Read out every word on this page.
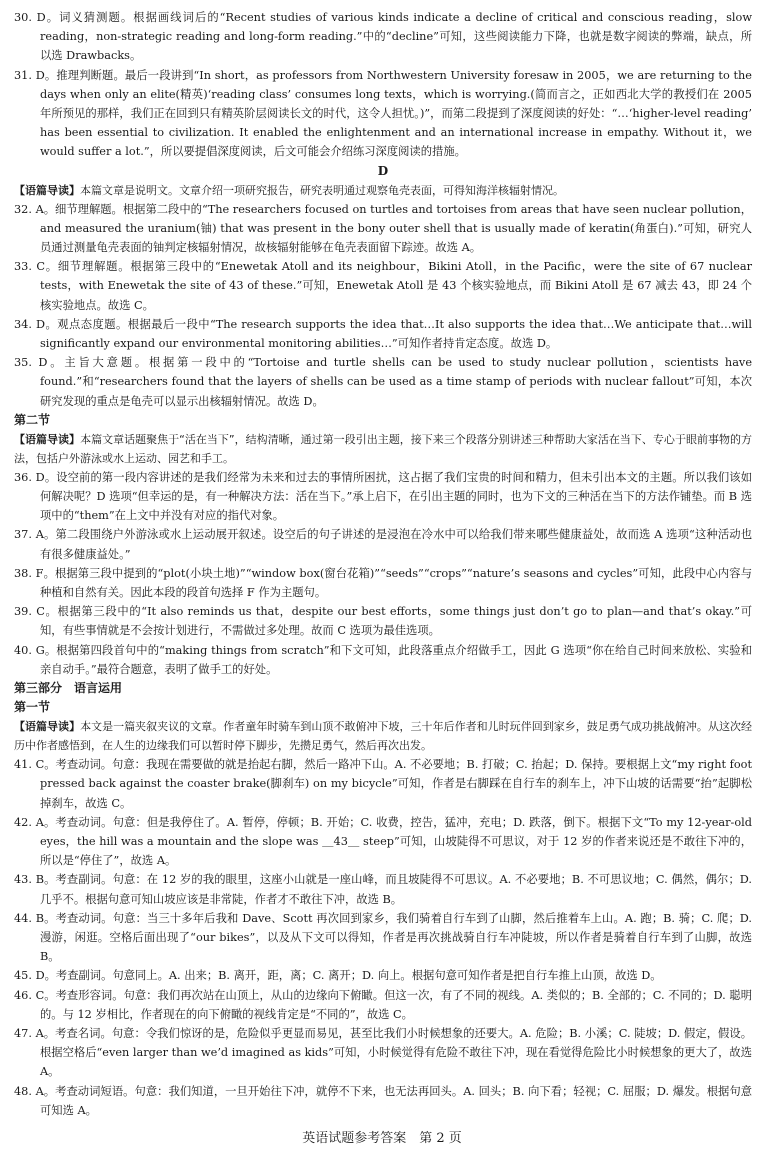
30. D。词义猜测题。根据画线词后的“Recent studies of various kinds indicate a decline of critical and conscious reading，slow reading，non-strategic reading and long-form reading.”中的“decline”可知，这些阅读能力下降，也就是数字阅读的弊端，缺点，所以选 Drawbacks。

31. D。推理判断题。最后一段讲到“In short，as professors from Northwestern University foresaw in 2005，we are returning to the days when only an elite(精英)‘reading class’ consumes long texts，which is worrying.(简而言之，正如西北大学的教授们在 2005 年所预见的那样，我们正在回到只有精英阶层阅读长文的时代，这令人担忧。)”，而第二段提到了深度阅读的好处：“…‘higher-level reading’ has been essential to civilization. It enabled the enlightenment and an international increase in empathy. Without it，we would suffer a lot.”，所以要提倡深度阅读，后文可能会介绍练习深度阅读的措施。

D

【语篇导读】本篇文章是说明文。文章介绍一项研究报告，研究表明通过观察龟壳表面，可得知海洋核辐射情况。

32. A。细节理解题。根据第二段中的“The researchers focused on turtles and tortoises from areas that have seen nuclear pollution，and measured the uranium(铀) that was present in the bony outer shell that is usually made of keratin(角蛋白).”可知，研究人员通过测量龟壳表面的铀判定核辐射情况，故核辐射能够在龟壳表面留下踪迹。故选 A。

33. C。细节理解题。根据第三段中的“Enewetak Atoll and its neighbour，Bikini Atoll，in the Pacific，were the site of 67 nuclear tests，with Enewetak the site of 43 of these.”可知，Enewetak Atoll 是 43 个核实验地点，而 Bikini Atoll 是 67 减去 43，即 24 个核实验地点。故选 C。

34. D。观点态度题。根据最后一段中“The research supports the idea that…It also supports the idea that…We anticipate that…will significantly expand our environmental monitoring abilities…”可知作者持肯定态度。故选 D。

35. D。主旨大意题。根据第一段中的“Tortoise and turtle shells can be used to study nuclear pollution，scientists have found.”和“researchers found that the layers of shells can be used as a time stamp of periods with nuclear fallout”可知，本次研究发现的重点是龟壳可以显示出核辐射情况。故选 D。

第二节

【语篇导读】本篇文章话题聚焦于“活在当下”，结构清晰，通过第一段引出主题，接下来三个段落分别讲述三种帮助大家活在当下、专心于眼前事物的方法，包括户外游泳或水上运动、园艺和手工。

36. D。设空前的第一段内容讲述的是我们经常为未来和过去的事情所困扰，这占据了我们宝贵的时间和精力，但未引出本文的主题。所以我们该如何解决呢？D 选项“但幸运的是，有一种解决方法：活在当下。”承上启下，在引出主题的同时，也为下文的三种活在当下的方法作铺垫。而 B 选项中的“them”在上文中并没有对应的指代对象。

37. A。第二段围绕户外游泳或水上运动展开叙述。设空后的句子讲述的是浸泡在冷水中可以给我们带来哪些健康益处，故而选 A 选项“这种活动也有很多健康益处。”

38. F。根据第三段中提到的“plot(小块土地)”“window box(窗台花箱)”“seeds”“crops”“nature’s seasons and cycles”可知，此段中心内容与种植和自然有关。因此本段的段首句选择 F 作为主题句。

39. C。根据第三段中的“It also reminds us that，despite our best efforts，some things just don’t go to plan—and that’s okay.”可知，有些事情就是不会按计划进行，不需做过多处理。故而 C 选项为最佳选项。

40. G。根据第四段首句中的“making things from scratch”和下文可知，此段落重点介绍做手工，因此 G 选项“你在给自己时间来放松、实验和亲自动手。”最符合题意，表明了做手工的好处。

第三部分　语言运用

第一节

【语篇导读】本文是一篇夹叙夹议的文章。作者童年时骑车到山顶不敢俯冲下坡，三十年后作者和儿时玩伴回到家乡，鼓足勇气成功挑战俯冲。从这次经历中作者感悟到，在人生的边缘我们可以暂时停下脚步，先攒足勇气，然后再次出发。

41. C。考查动词。句意：我现在需要做的就是抬起右脚，然后一路冲下山。A. 不必要地；B. 打破；C. 抬起；D. 保持。要根据上文“my right foot pressed back against the coaster brake(脚刹车) on my bicycle”可知，作者是右脚踩在自行车的刹车上，冲下山坡的话需要“抬”起脚松掉刹车，故选 C。

42. A。考查动词。句意：但是我停住了。A. 暂停，停顿；B. 开始；C. 收费，控告，猛冲，充电；D. 跌落，倒下。根据下文“To my 12-year-old eyes，the hill was a mountain and the slope was ＿43＿ steep”可知，山坡陡得不可思议，对于 12 岁的作者来说还是不敢往下冲的，所以是“停住了”，故选 A。

43. B。考查副词。句意：在 12 岁的我的眼里，这座小山就是一座山峰，而且坡陡得不可思议。A. 不必要地；B. 不可思议地；C. 偶然，偶尔；D. 几乎不。根据句意可知山坡应该是非常陡，作者才不敢往下冲，故选 B。

44. B。考查动词。句意：当三十多年后我和 Dave、Scott 再次回到家乡，我们骑着自行车到了山脚，然后推着车上山。A. 跑；B. 骑；C. 爬；D. 漫游，闲逛。空格后面出现了“our bikes”，以及从下文可以得知，作者是再次挑战骑自行车冲陡坡，所以作者是骑着自行车到了山脚，故选 B。

45. D。考查副词。句意同上。A. 出来；B. 离开，距，离；C. 离开；D. 向上。根据句意可知作者是把自行车推上山顶，故选 D。

46. C。考查形容词。句意：我们再次站在山顶上，从山的边缘向下俯瞰。但这一次，有了不同的视线。A. 类似的；B. 全部的；C. 不同的；D. 聪明的。与 12 岁相比，作者现在的向下俯瞰的视线肯定是“不同的”，故选 C。

47. A。考查名词。句意：令我们惊讶的是，危险似乎更显而易见，甚至比我们小时候想象的还要大。A. 危险；B. 小溪；C. 陡坡；D. 假定，假设。根据空格后“even larger than we’d imagined as kids”可知，小时候觉得有危险不敢往下冲，现在看觉得危险比小时候想象的更大了，故选 A。

48. A。考查动词短语。句意：我们知道，一旦开始往下冲，就停不下来，也无法再回头。A. 回头；B. 向下看；轻视；C. 屈服；D. 爆发。根据句意可知选 A。

英语试题参考答案　第 2 页
